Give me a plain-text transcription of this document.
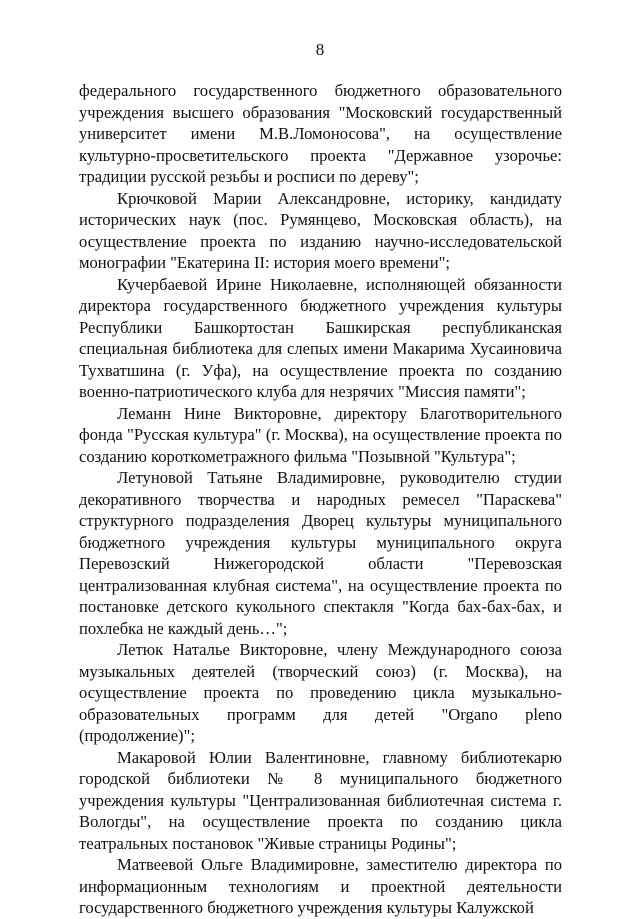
8

федерального государственного бюджетного образовательного учреждения высшего образования "Московский государственный университет имени М.В.Ломоносова", на осуществление культурно-просветительского проекта "Державное узорочье: традиции русской резьбы и росписи по дереву";

Крючковой Марии Александровне, историку, кандидату исторических наук (пос. Румянцево, Московская область), на осуществление проекта по изданию научно-исследовательской монографии "Екатерина II: история моего времени";

Кучербаевой Ирине Николаевне, исполняющей обязанности директора государственного бюджетного учреждения культуры Республики Башкортостан Башкирская республиканская специальная библиотека для слепых имени Макарима Хусаиновича Тухватшина (г. Уфа), на осуществление проекта по созданию военно-патриотического клуба для незрячих "Миссия памяти";

Леманн Нине Викторовне, директору Благотворительного фонда "Русская культура" (г. Москва), на осуществление проекта по созданию короткометражного фильма "Позывной "Культура";

Летуновой Татьяне Владимировне, руководителю студии декоративного творчества и народных ремесел "Параскева" структурного подразделения Дворец культуры муниципального бюджетного учреждения культуры муниципального округа Перевозский Нижегородской области "Перевозская централизованная клубная система", на осуществление проекта по постановке детского кукольного спектакля "Когда бах-бах-бах, и похлебка не каждый день…";

Летюк Наталье Викторовне, члену Международного союза музыкальных деятелей (творческий союз) (г. Москва), на осуществление проекта по проведению цикла музыкально-образовательных программ для детей "Organo pleno (продолжение)";

Макаровой Юлии Валентиновне, главному библиотекарю городской библиотеки № 8 муниципального бюджетного учреждения культуры "Централизованная библиотечная система г. Вологды", на осуществление проекта по созданию цикла театральных постановок "Живые страницы Родины";

Матвеевой Ольге Владимировне, заместителю директора по информационным технологиям и проектной деятельности государственного бюджетного учреждения культуры Калужской
